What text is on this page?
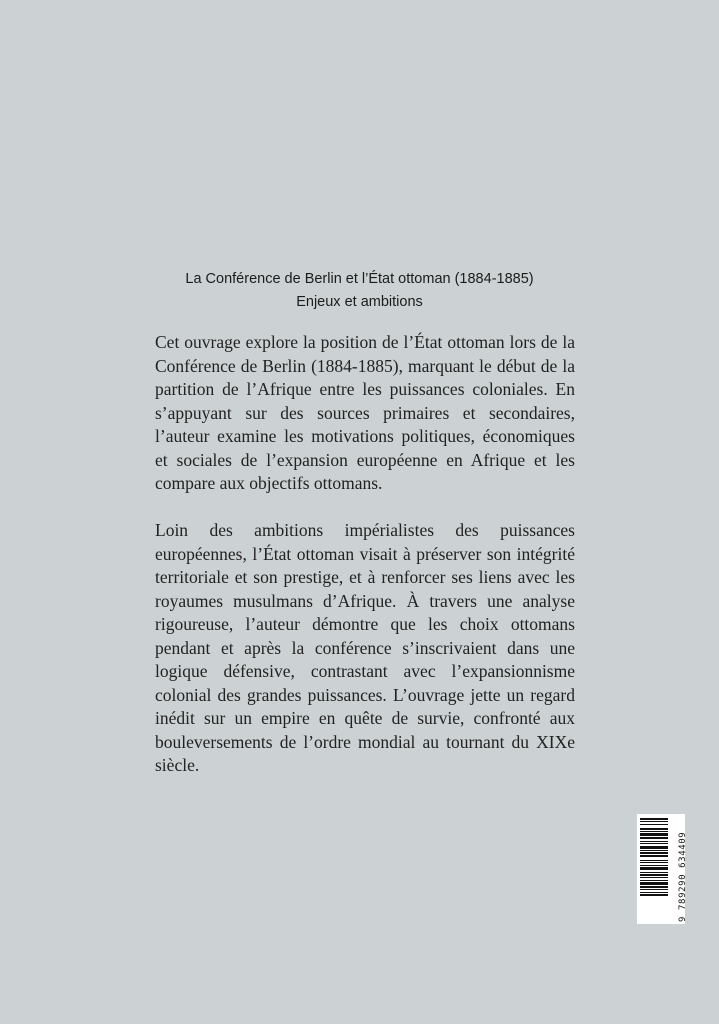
La Conférence de Berlin et l’État ottoman (1884-1885)
Enjeux et ambitions

Cet ouvrage explore la position de l’État ottoman lors de la Conférence de Berlin (1884-1885), marquant le début de la partition de l’Afrique entre les puissances coloniales. En s’appuyant sur des sources primaires et secondaires, l’auteur examine les motivations politiques, économiques et sociales de l’expansion européenne en Afrique et les compare aux objectifs ottomans.

Loin des ambitions impérialistes des puissances européennes, l’État ottoman visait à préserver son intégrité territoriale et son prestige, et à renforcer ses liens avec les royaumes musulmans d’Afrique. À travers une analyse rigoureuse, l’auteur démontre que les choix ottomans pendant et après la conférence s’inscrivaient dans une logique défensive, contrastant avec l’expansionnisme colonial des grandes puissances. L’ouvrage jette un regard inédit sur un empire en quête de survie, confronté aux bouleversements de l’ordre mondial au tournant du XIXe siècle.

9 789290 634409
